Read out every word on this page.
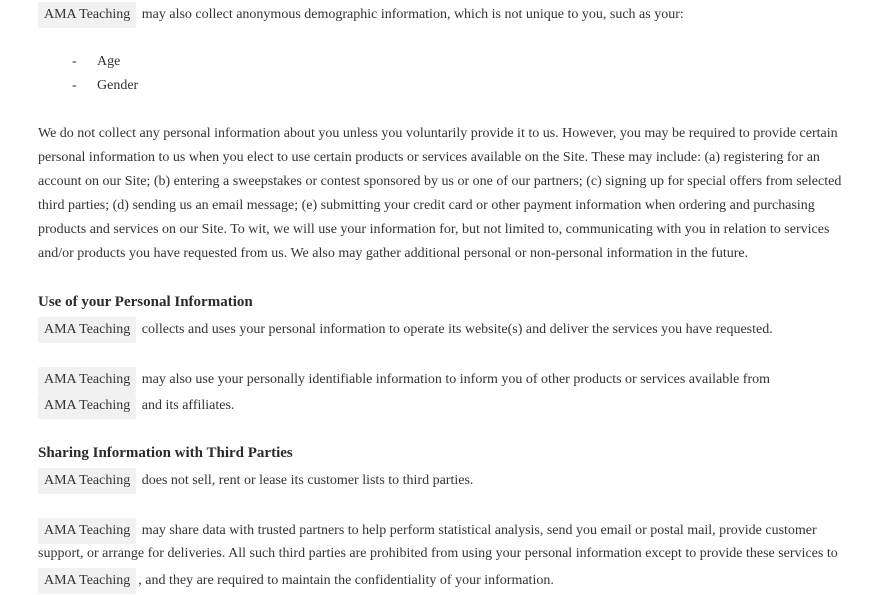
AMA Teaching may also collect anonymous demographic information, which is not unique to you, such as your:
- Age
- Gender
We do not collect any personal information about you unless you voluntarily provide it to us. However, you may be required to provide certain
personal information to us when you elect to use certain products or services available on the Site. These may include: (a) registering for an
account on our Site; (b) entering a sweepstakes or contest sponsored by us or one of our partners; (c) signing up for special offers from selected
third parties; (d) sending us an email message; (e) submitting your credit card or other payment information when ordering and purchasing
products and services on our Site. To wit, we will use your information for, but not limited to, communicating with you in relation to services
and/or products you have requested from us. We also may gather additional personal or non-personal information in the future.
Use of your Personal Information
AMA Teaching collects and uses your personal information to operate its website(s) and deliver the services you have requested.
AMA Teaching may also use your personally identifiable information to inform you of other products or services available from
AMA Teaching and its affiliates.
Sharing Information with Third Parties
AMA Teaching does not sell, rent or lease its customer lists to third parties.
AMA Teaching may share data with trusted partners to help perform statistical analysis, send you email or postal mail, provide customer
support, or arrange for deliveries. All such third parties are prohibited from using your personal information except to provide these services to
AMA Teaching , and they are required to maintain the confidentiality of your information.
